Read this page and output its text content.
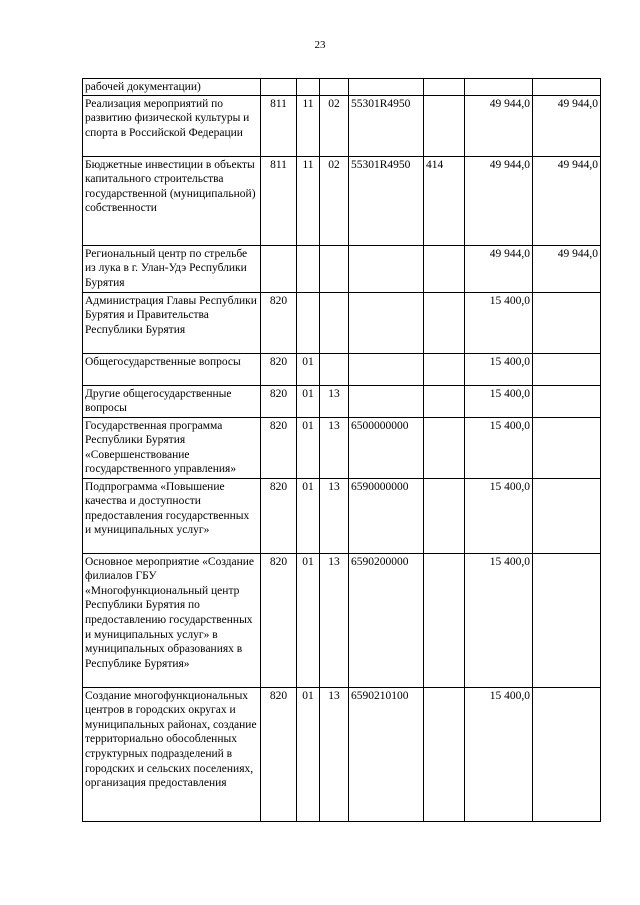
23
рабочей документации)							
Реализация мероприятий по развитию физической культуры и спорта в Российской Федерации	811	11	02	55301R4950		49 944,0	49 944,0
Бюджетные инвестиции в объекты капитального строительства государственной (муниципальной) собственности	811	11	02	55301R4950	414	49 944,0	49 944,0
Региональный центр по стрельбе из лука в г. Улан-Удэ Республики Бурятия						49 944,0	49 944,0
Администрация Главы Республики Бурятия и Правительства Республики Бурятия	820					15 400,0	
Общегосударственные вопросы	820	01				15 400,0	
Другие общегосударственные вопросы	820	01	13			15 400,0	
Государственная программа Республики Бурятия «Совершенствование государственного управления»	820	01	13	6500000000		15 400,0	
Подпрограмма «Повышение качества и доступности предоставления государственных и муниципальных услуг»	820	01	13	6590000000		15 400,0	
Основное мероприятие «Создание филиалов ГБУ «Многофункциональный центр Республики Бурятия по предоставлению государственных и муниципальных услуг» в муниципальных образованиях в Республике Бурятия»	820	01	13	6590200000		15 400,0	
Создание многофункциональных центров в городских округах и муниципальных районах, создание территориально обособленных структурных подразделений в городских и сельских поселениях, организация предоставления	820	01	13	6590210100		15 400,0	
